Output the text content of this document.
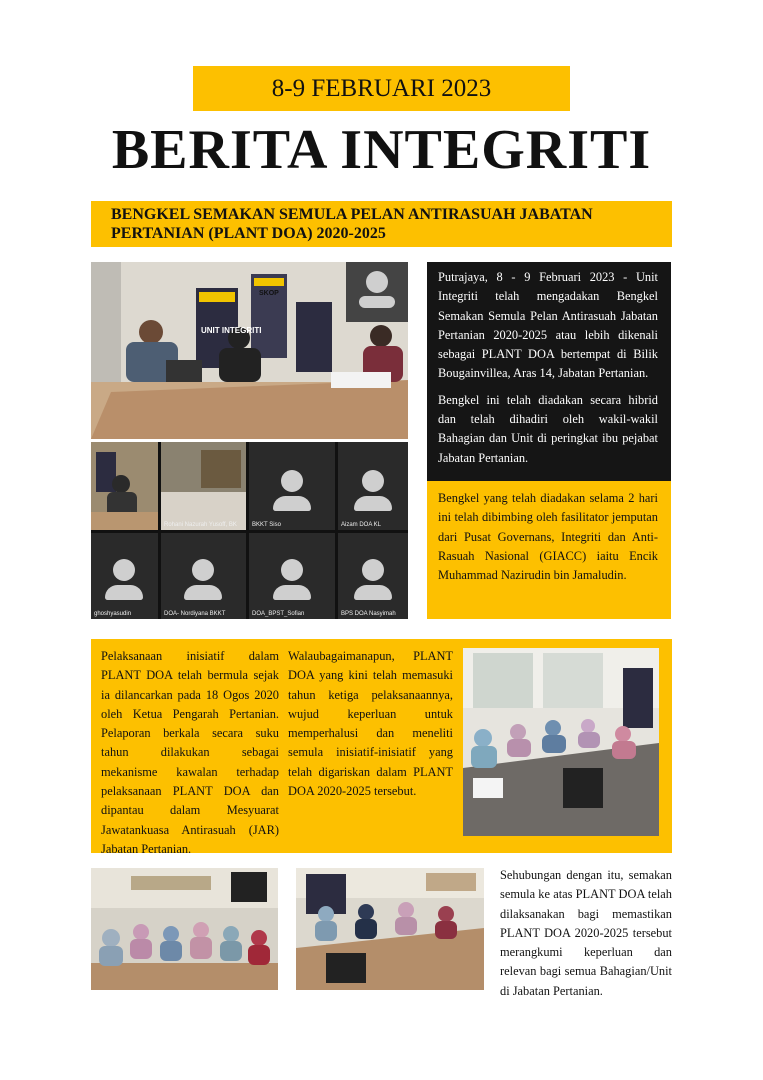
8-9 FEBRUARI 2023
BERITA INTEGRITI
BENGKEL SEMAKAN SEMULA PELAN ANTIRASUAH JABATAN PERTANIAN (PLANT DOA) 2020-2025
UNIT INTEGRITI
SKOP
Rohani Nazurah Yusoff, BK	BKKT Siso	Aizam DOA KL
ghoshyasudin	DOA- Nordiyana BKKT	DOA_BPST_Sofian	BPS DOA Nasyimah

Putrajaya, 8 - 9 Februari 2023 - Unit Integriti telah mengadakan Bengkel Semakan Semula Pelan Antirasuah Jabatan Pertanian 2020-2025 atau lebih dikenali sebagai PLANT DOA bertempat di Bilik Bougainvillea, Aras 14, Jabatan Pertanian.

Bengkel ini telah diadakan secara hibrid dan telah dihadiri oleh wakil-wakil Bahagian dan Unit di peringkat ibu pejabat Jabatan Pertanian.

Bengkel yang telah diadakan selama 2 hari ini telah dibimbing oleh fasilitator jemputan dari Pusat Governans, Integriti dan Anti-Rasuah Nasional (GIACC) iaitu Encik Muhammad Nazirudin bin Jamaludin.

Pelaksanaan inisiatif dalam PLANT DOA telah bermula sejak ia dilancarkan pada 18 Ogos 2020 oleh Ketua Pengarah Pertanian. Pelaporan berkala secara suku tahun dilakukan sebagai mekanisme kawalan terhadap pelaksanaan PLANT DOA dan dipantau dalam Mesyuarat Jawatankuasa Antirasuah (JAR) Jabatan Pertanian.

Walaubagaimanapun, PLANT DOA yang kini telah memasuki tahun ketiga pelaksanaannya, wujud keperluan untuk memperhalusi dan meneliti semula inisiatif-inisiatif yang telah digariskan dalam PLANT DOA 2020-2025 tersebut.

Sehubungan dengan itu, semakan semula ke atas PLANT DOA telah dilaksanakan bagi memastikan PLANT DOA 2020-2025 tersebut merangkumi keperluan dan relevan bagi semua Bahagian/Unit di Jabatan Pertanian.
